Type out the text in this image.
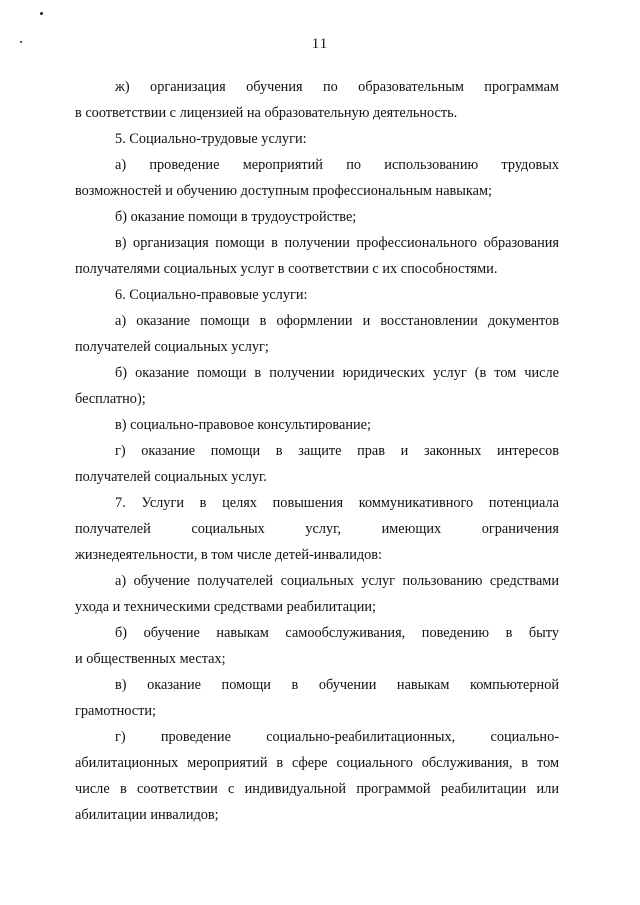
11
ж) организация обучения по образовательным программам
в соответствии с лицензией на образовательную деятельность.
5. Социально-трудовые услуги:
а) проведение мероприятий по использованию трудовых
возможностей и обучению доступным профессиональным навыкам;
б) оказание помощи в трудоустройстве;
в) организация помощи в получении профессионального образования
получателями социальных услуг в соответствии с их способностями.
6. Социально-правовые услуги:
а) оказание помощи в оформлении и восстановлении документов
получателей социальных услуг;
б) оказание помощи в получении юридических услуг (в том числе
бесплатно);
в) социально-правовое консультирование;
г) оказание помощи в защите прав и законных интересов
получателей социальных услуг.
7. Услуги в целях повышения коммуникативного потенциала
получателей социальных услуг, имеющих ограничения
жизнедеятельности, в том числе детей-инвалидов:
а) обучение получателей социальных услуг пользованию средствами
ухода и техническими средствами реабилитации;
б) обучение навыкам самообслуживания, поведению в быту
и общественных местах;
в) оказание помощи в обучении навыкам компьютерной
грамотности;
г) проведение социально-реабилитационных, социально-
абилитационных мероприятий в сфере социального обслуживания, в том
числе в соответствии с индивидуальной программой реабилитации или
абилитации инвалидов;
